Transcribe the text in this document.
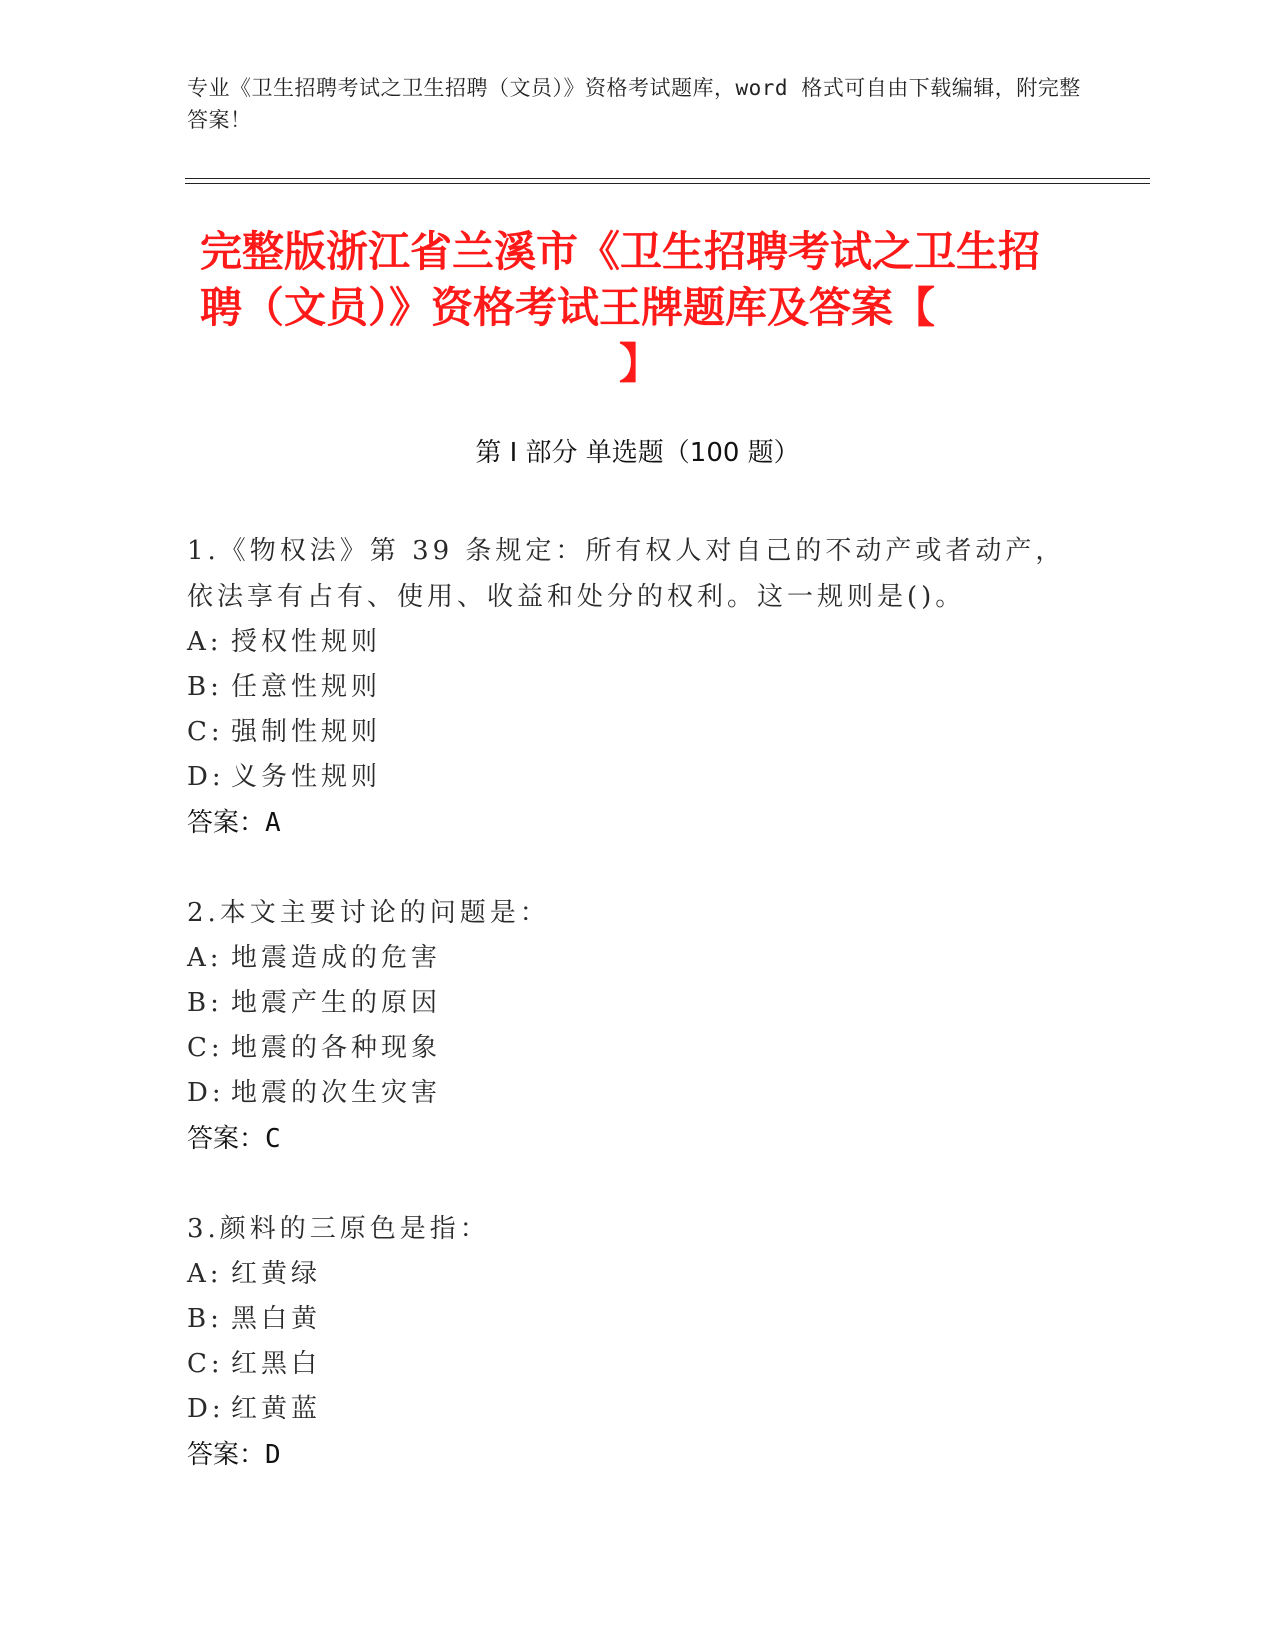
专业《卫生招聘考试之卫生招聘（文员）》资格考试题库，word 格式可自由下载编辑，附完整答案！
完整版浙江省兰溪市《卫生招聘考试之卫生招聘（文员）》资格考试王牌题库及答案【
】
第 I 部分 单选题（100 题）

1.《物权法》第 39 条规定：所有权人对自己的不动产或者动产，依法享有占有、使用、收益和处分的权利。这一规则是()。

A: 授权性规则

B: 任意性规则

C: 强制性规则

D: 义务性规则

答案：A

2.本文主要讨论的问题是：

A: 地震造成的危害

B: 地震产生的原因

C: 地震的各种现象

D: 地震的次生灾害

答案：C

3.颜料的三原色是指：

A: 红黄绿

B: 黑白黄

C: 红黑白

D: 红黄蓝

答案：D
